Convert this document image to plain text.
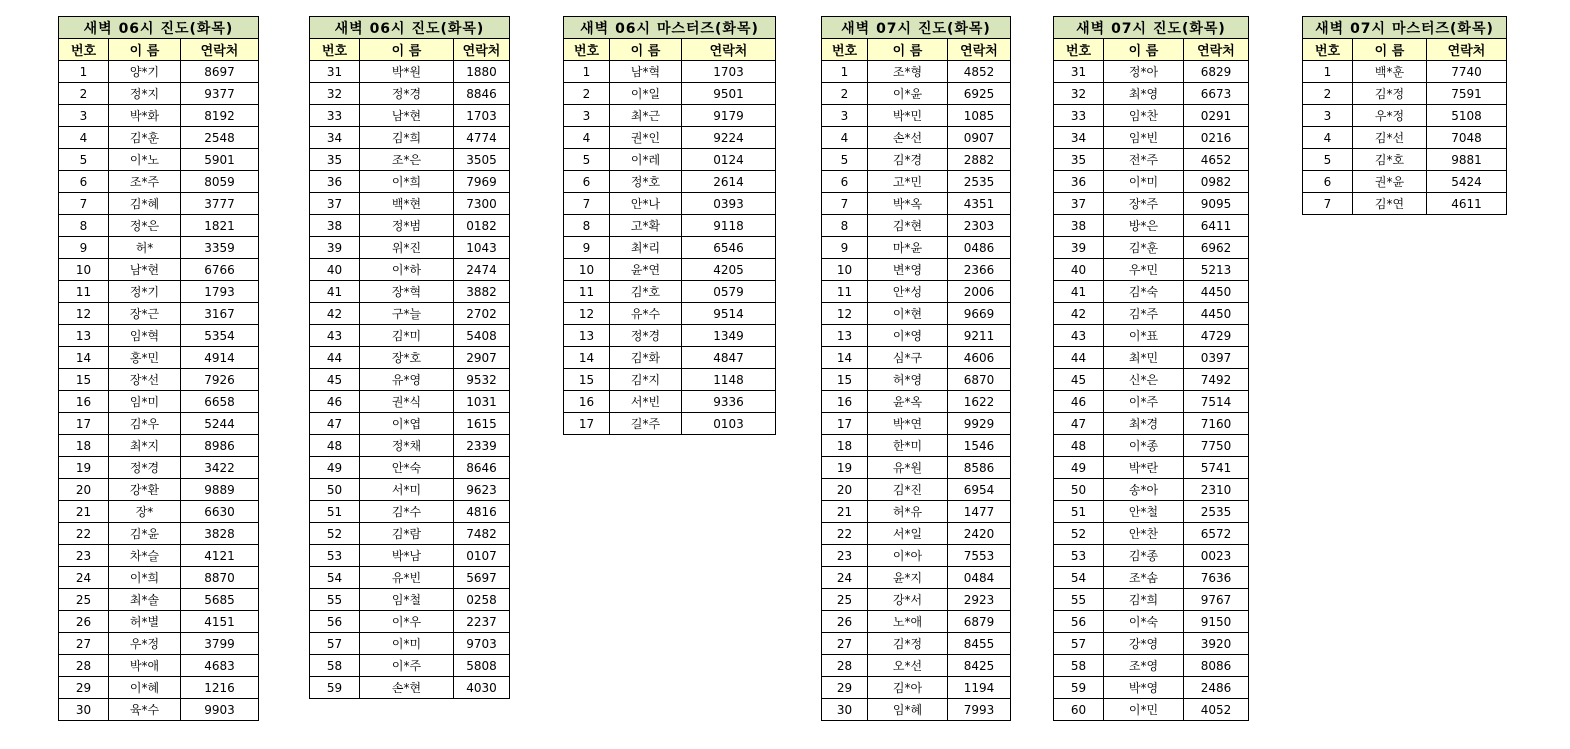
새벽 06시 진도(화목)		
번호	이 름	연락처
1	양*기	8697
2	정*지	9377
3	박*화	8192
4	김*훈	2548
5	이*노	5901
6	조*주	8059
7	김*혜	3777
8	정*은	1821
9	허*	3359
10	남*현	6766
11	정*기	1793
12	장*근	3167
13	임*혁	5354
14	홍*민	4914
15	장*선	7926
16	임*미	6658
17	김*우	5244
18	최*지	8986
19	정*경	3422
20	강*환	9889
21	장*	6630
22	김*윤	3828
23	차*슬	4121
24	이*희	8870
25	최*솔	5685
26	허*별	4151
27	우*정	3799
28	박*애	4683
29	이*혜	1216
30	육*수	9903
새벽 06시 진도(화목)		
번호	이 름	연락처
31	박*원	1880
32	정*경	8846
33	남*현	1703
34	김*희	4774
35	조*은	3505
36	이*희	7969
37	백*현	7300
38	정*범	0182
39	위*진	1043
40	이*하	2474
41	장*혁	3882
42	구*늘	2702
43	김*미	5408
44	장*호	2907
45	유*영	9532
46	권*식	1031
47	이*엽	1615
48	정*채	2339
49	안*숙	8646
50	서*미	9623
51	김*수	4816
52	김*람	7482
53	박*남	0107
54	유*빈	5697
55	임*철	0258
56	이*우	2237
57	이*미	9703
58	이*주	5808
59	손*현	4030
새벽 06시 마스터즈(화목)		
번호	이 름	연락처
1	남*혁	1703
2	이*일	9501
3	최*근	9179
4	권*인	9224
5	이*레	0124
6	정*호	2614
7	안*나	0393
8	고*확	9118
9	최*리	6546
10	윤*연	4205
11	김*호	0579
12	유*수	9514
13	정*경	1349
14	김*화	4847
15	김*지	1148
16	서*빈	9336
17	길*주	0103
새벽 07시 진도(화목)		
번호	이 름	연락처
1	조*형	4852
2	이*윤	6925
3	박*민	1085
4	손*선	0907
5	김*경	2882
6	고*민	2535
7	박*옥	4351
8	김*현	2303
9	마*윤	0486
10	변*영	2366
11	안*성	2006
12	이*현	9669
13	이*영	9211
14	심*구	4606
15	허*영	6870
16	윤*옥	1622
17	박*연	9929
18	한*미	1546
19	유*원	8586
20	김*진	6954
21	허*유	1477
22	서*일	2420
23	이*아	7553
24	윤*지	0484
25	강*서	2923
26	노*애	6879
27	김*정	8455
28	오*선	8425
29	김*아	1194
30	임*혜	7993
새벽 07시 진도(화목)		
번호	이 름	연락처
31	정*아	6829
32	최*영	6673
33	임*찬	0291
34	임*빈	0216
35	전*주	4652
36	이*미	0982
37	장*주	9095
38	방*은	6411
39	김*훈	6962
40	우*민	5213
41	김*숙	4450
42	김*주	4450
43	이*표	4729
44	최*민	0397
45	신*은	7492
46	이*주	7514
47	최*경	7160
48	이*종	7750
49	박*란	5741
50	송*아	2310
51	안*철	2535
52	안*찬	6572
53	김*종	0023
54	조*솜	7636
55	김*희	9767
56	이*숙	9150
57	강*영	3920
58	조*영	8086
59	박*영	2486
60	이*민	4052
새벽 07시 마스터즈(화목)		
번호	이 름	연락처
1	백*훈	7740
2	김*정	7591
3	우*정	5108
4	김*선	7048
5	김*호	9881
6	권*윤	5424
7	김*연	4611
